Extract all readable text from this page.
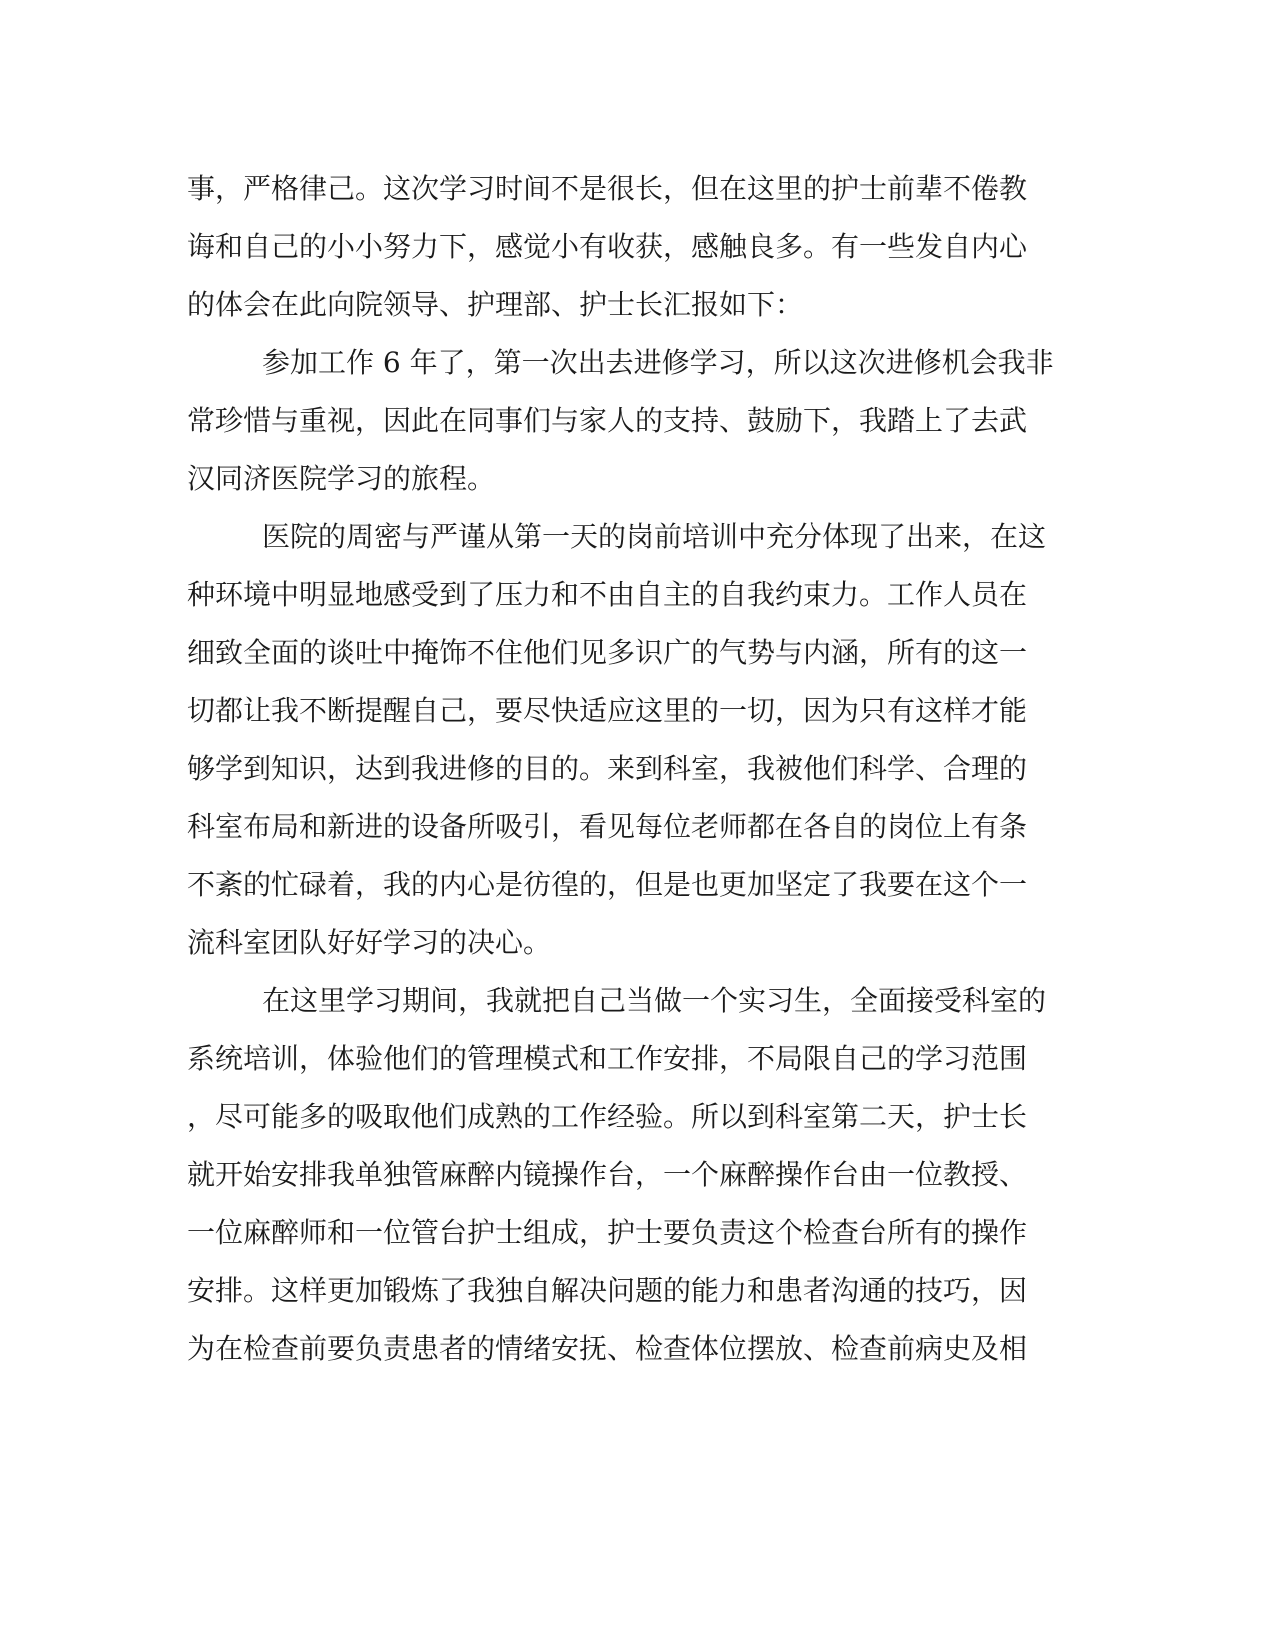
事，严格律己。这次学习时间不是很长，但在这里的护士前辈不倦教
诲和自己的小小努力下，感觉小有收获，感触良多。有一些发自内心
的体会在此向院领导、护理部、护士长汇报如下：
参加工作 6 年了，第一次出去进修学习，所以这次进修机会我非
常珍惜与重视，因此在同事们与家人的支持、鼓励下，我踏上了去武
汉同济医院学习的旅程。
医院的周密与严谨从第一天的岗前培训中充分体现了出来，在这
种环境中明显地感受到了压力和不由自主的自我约束力。工作人员在
细致全面的谈吐中掩饰不住他们见多识广的气势与内涵，所有的这一
切都让我不断提醒自己，要尽快适应这里的一切，因为只有这样才能
够学到知识，达到我进修的目的。来到科室，我被他们科学、合理的
科室布局和新进的设备所吸引，看见每位老师都在各自的岗位上有条
不紊的忙碌着，我的内心是彷徨的，但是也更加坚定了我要在这个一
流科室团队好好学习的决心。
在这里学习期间，我就把自己当做一个实习生，全面接受科室的
系统培训，体验他们的管理模式和工作安排，不局限自己的学习范围
，尽可能多的吸取他们成熟的工作经验。所以到科室第二天，护士长
就开始安排我单独管麻醉内镜操作台，一个麻醉操作台由一位教授、
一位麻醉师和一位管台护士组成，护士要负责这个检查台所有的操作
安排。这样更加锻炼了我独自解决问题的能力和患者沟通的技巧，因
为在检查前要负责患者的情绪安抚、检查体位摆放、检查前病史及相
